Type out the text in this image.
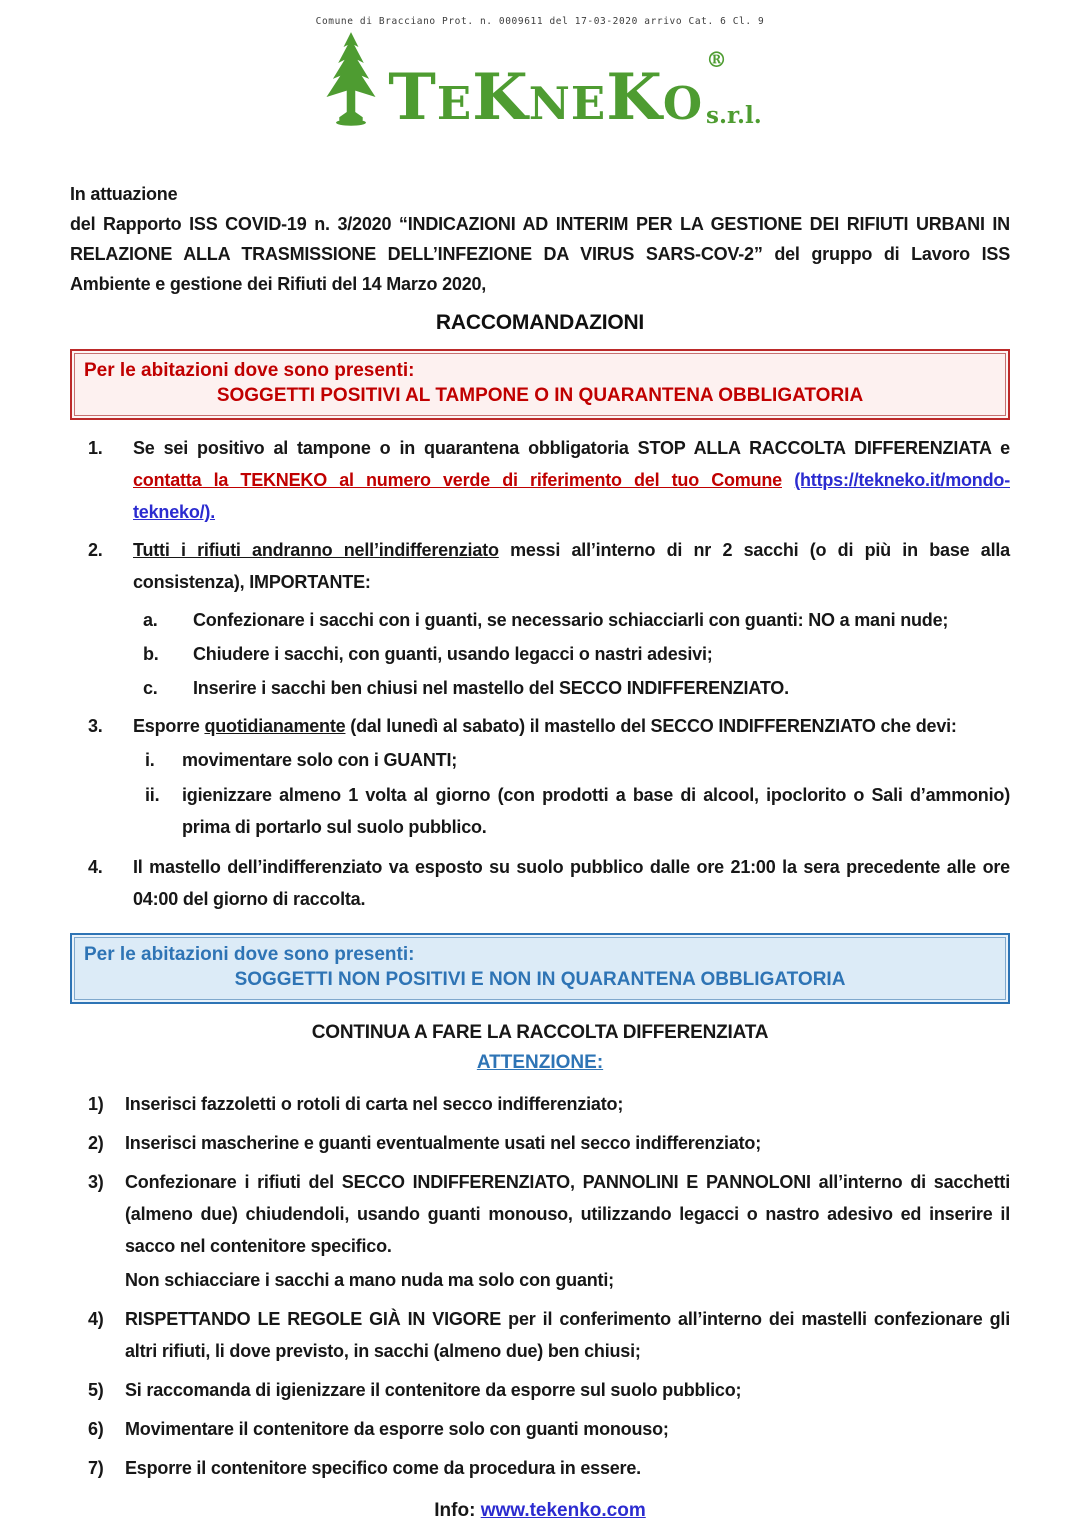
Comune di Bracciano Prot. n. 0009611 del 17-03-2020 arrivo Cat. 6 Cl. 9
TeKneKo
®
s.r.l.
In attuazione
del Rapporto ISS COVID-19 n. 3/2020 “INDICAZIONI AD INTERIM PER LA GESTIONE DEI RIFIUTI URBANI IN RELAZIONE ALLA TRASMISSIONE DELL’INFEZIONE DA VIRUS SARS-COV-2” del gruppo di Lavoro ISS Ambiente e gestione dei Rifiuti del 14 Marzo 2020,
RACCOMANDAZIONI
Per le abitazioni dove sono presenti:
SOGGETTI POSITIVI AL TAMPONE O IN QUARANTENA OBBLIGATORIA
1. Se sei positivo al tampone o in quarantena obbligatoria STOP ALLA RACCOLTA DIFFERENZIATA e contatta la TEKNEKO al numero verde di riferimento del tuo Comune (https://tekneko.it/mondo-tekneko/).
2. Tutti i rifiuti andranno nell’indifferenziato messi all’interno di nr 2 sacchi (o di più in base alla consistenza), IMPORTANTE:
a. Confezionare i sacchi con i guanti, se necessario schiacciarli con guanti: NO a mani nude;
b. Chiudere i sacchi, con guanti, usando legacci o nastri adesivi;
c. Inserire i sacchi ben chiusi nel mastello del SECCO INDIFFERENZIATO.
3. Esporre quotidianamente (dal lunedì al sabato) il mastello del SECCO INDIFFERENZIATO che devi:
i. movimentare solo con i GUANTI;
ii. igienizzare almeno 1 volta al giorno (con prodotti a base di alcool, ipoclorito o Sali d’ammonio) prima di portarlo sul suolo pubblico.
4. Il mastello dell’indifferenziato va esposto su suolo pubblico dalle ore 21:00 la sera precedente alle ore 04:00 del giorno di raccolta.
Per le abitazioni dove sono presenti:
SOGGETTI NON POSITIVI E NON IN QUARANTENA OBBLIGATORIA
CONTINUA A FARE LA RACCOLTA DIFFERENZIATA
ATTENZIONE:
1) Inserisci fazzoletti o rotoli di carta nel secco indifferenziato;
2) Inserisci mascherine e guanti eventualmente usati nel secco indifferenziato;
3) Confezionare i rifiuti del SECCO INDIFFERENZIATO, PANNOLINI E PANNOLONI all’interno di sacchetti (almeno due) chiudendoli, usando guanti monouso, utilizzando legacci o nastro adesivo ed inserire il sacco nel contenitore specifico.
Non schiacciare i sacchi a mano nuda ma solo con guanti;
4) RISPETTANDO LE REGOLE GIÀ IN VIGORE per il conferimento all’interno dei mastelli confezionare gli altri rifiuti, li dove previsto, in sacchi (almeno due) ben chiusi;
5) Si raccomanda di igienizzare il contenitore da esporre sul suolo pubblico;
6) Movimentare il contenitore da esporre solo con guanti monouso;
7) Esporre il contenitore specifico come da procedura in essere.
Info: www.tekenko.com
